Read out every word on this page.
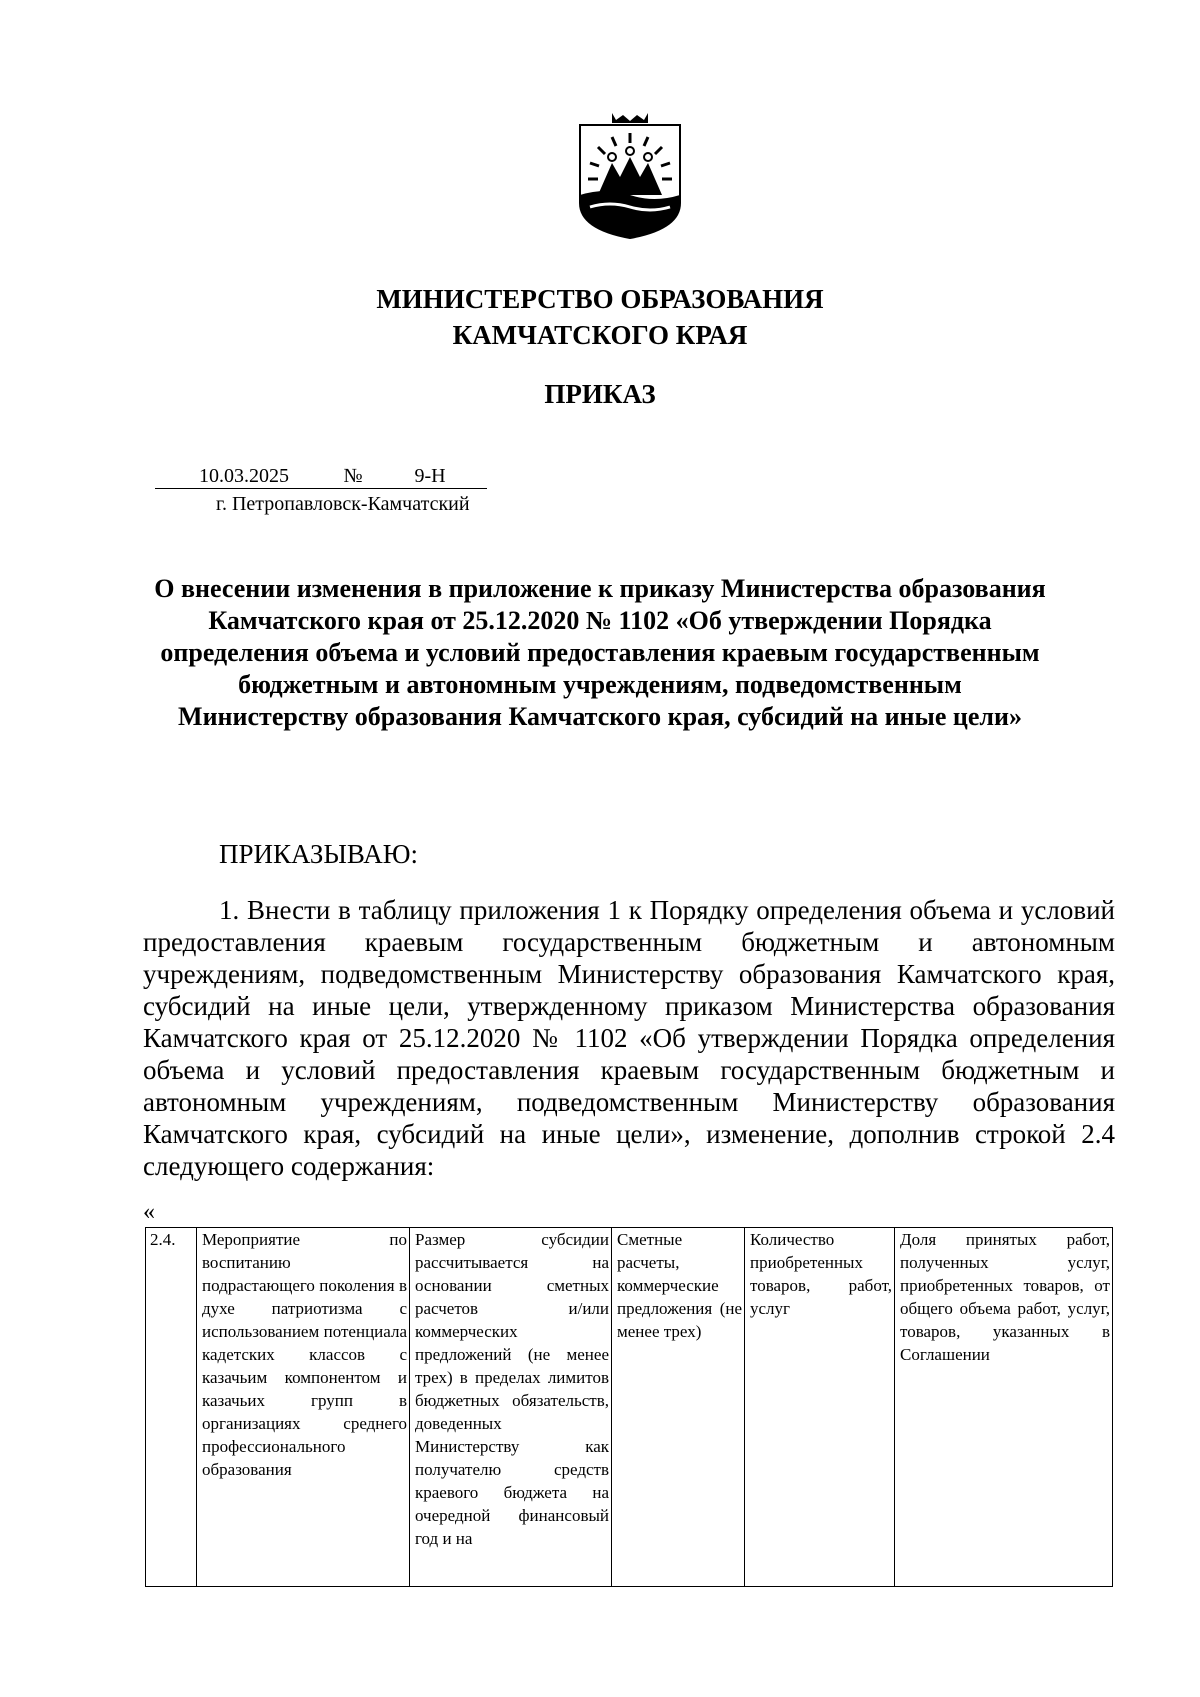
МИНИСТЕРСТВО ОБРАЗОВАНИЯ
КАМЧАТСКОГО КРАЯ
ПРИКАЗ
10.03.2025	№	9-Н
г. Петропавловск-Камчатский
О внесении изменения в приложение к приказу Министерства образования Камчатского края от 25.12.2020 № 1102 «Об утверждении Порядка определения объема и условий предоставления краевым государственным бюджетным и автономным учреждениям, подведомственным Министерству образования Камчатского края, субсидий на иные цели»
ПРИКАЗЫВАЮ:
1. Внести в таблицу приложения 1 к Порядку определения объема и условий предоставления краевым государственным бюджетным и автономным учреждениям, подведомственным Министерству образования Камчатского края, субсидий на иные цели, утвержденному приказом Министерства образования Камчатского края от 25.12.2020 № 1102 «Об утверждении Порядка определения объема и условий предоставления краевым государственным бюджетным и автономным учреждениям, подведомственным Министерству образования Камчатского края, субсидий на иные цели», изменение, дополнив строкой 2.4 следующего содержания:
«
2.4.	Мероприятие по воспитанию подрастающего поколения в духе патриотизма с использованием потенциала кадетских классов с казачьим компонентом и казачьих групп в организациях среднего профессионального образования	Размер субсидии рассчитывается на основании сметных расчетов и/или коммерческих предложений (не менее трех) в пределах лимитов бюджетных обязательств, доведенных Министерству как получателю средств краевого бюджета на очередной финансовый год и на	Сметные расчеты, коммерческие предложения (не менее трех)	Количество приобретенных товаров, работ, услуг	Доля принятых работ, полученных услуг, приобретенных товаров, от общего объема работ, услуг, товаров, указанных в Соглашении
